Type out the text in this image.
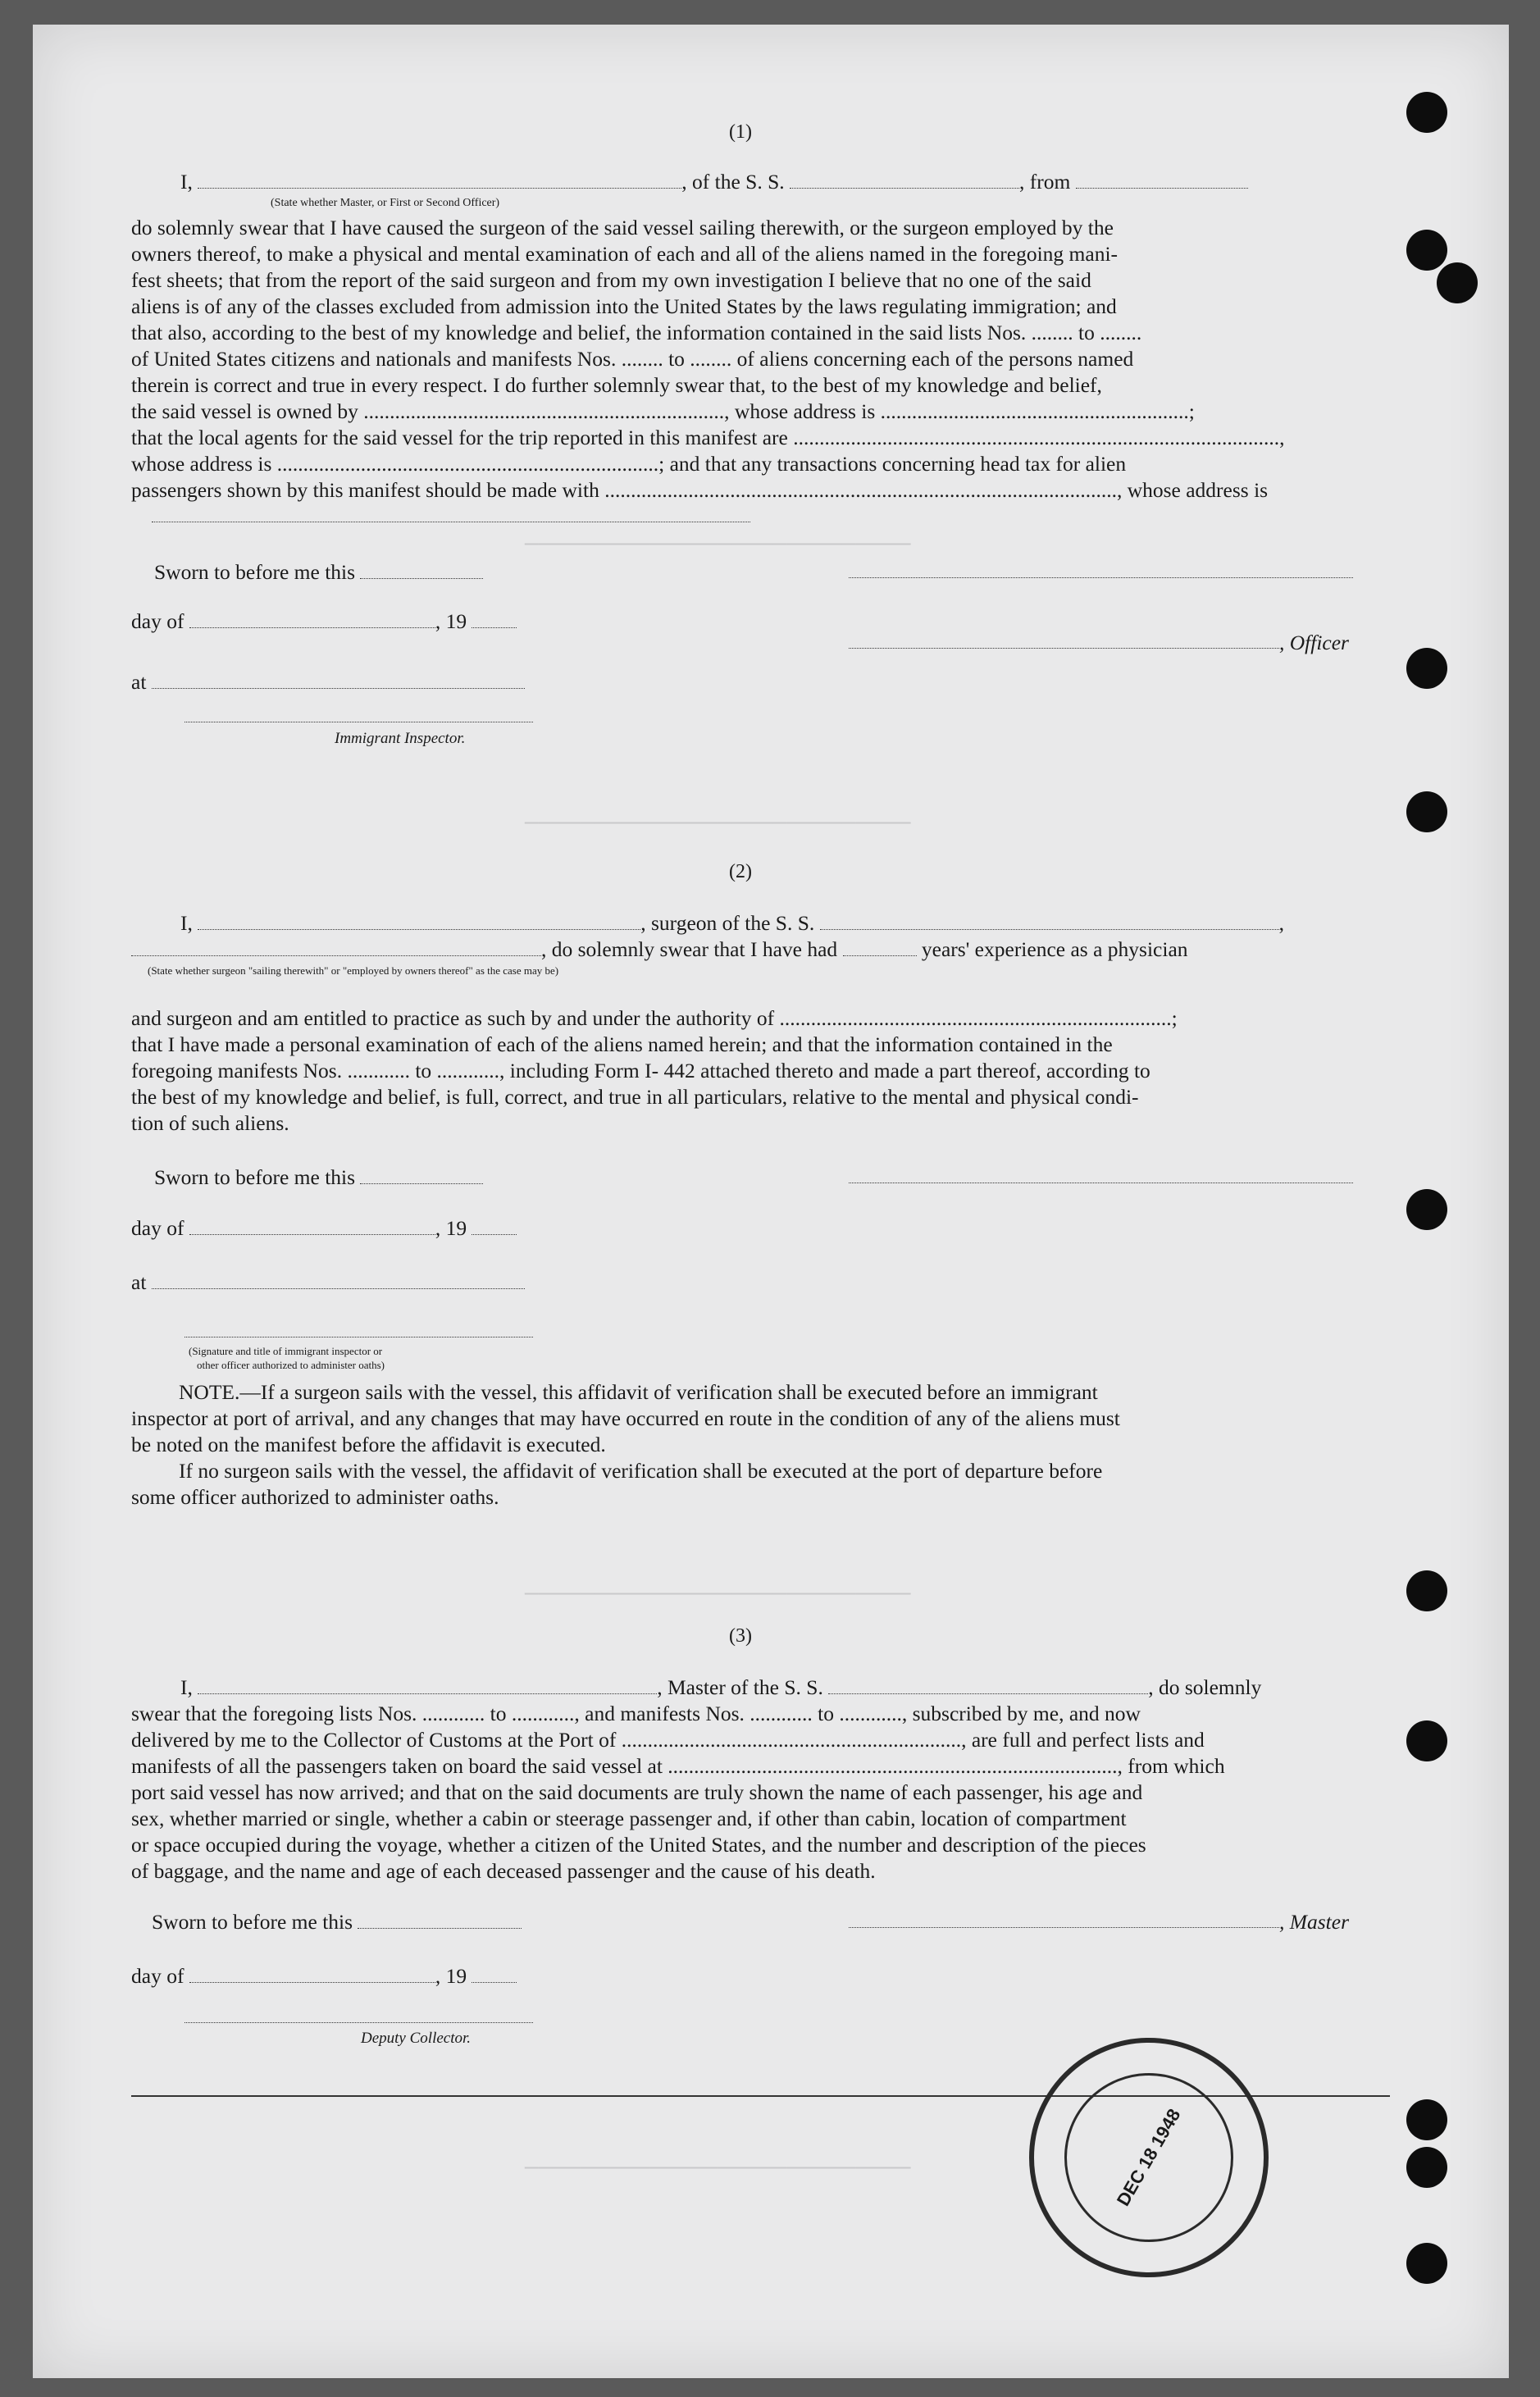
────────────────────────────
────────────────────────────
────────────────────────────
────────────────────────────
(1)
I,	, of the S. S.	, from
(State whether Master, or First or Second Officer)
do solemnly swear that I have caused the surgeon of the said vessel sailing therewith, or the surgeon employed by the
owners thereof, to make a physical and mental examination of each and all of the aliens named in the foregoing mani-
fest sheets; that from the report of the said surgeon and from my own investigation I believe that no one of the said
aliens is of any of the classes excluded from admission into the United States by the laws regulating immigration; and
that also, according to the best of my knowledge and belief, the information contained in the said lists Nos. ........ to ........
of United States citizens and nationals and manifests Nos. ........ to ........ of aliens concerning each of the persons named
therein is correct and true in every respect. I do further solemnly swear that, to the best of my knowledge and belief,
the said vessel is owned by ....................................................................., whose address is ...........................................................;
that the local agents for the said vessel for the trip reported in this manifest are .............................................................................................,
whose address is .........................................................................; and that any transactions concerning head tax for alien
passengers shown by this manifest should be made with .................................................................................................., whose address is
Sworn to before me this
day of	, 19
, Officer
at
Immigrant Inspector.
(2)
I,	, surgeon of the S. S.	,
, do solemnly swear that I have had	years' experience as a physician
(State whether surgeon "sailing therewith" or "employed by owners thereof" as the case may be)
and surgeon and am entitled to practice as such by and under the authority of ...........................................................................;
that I have made a personal examination of each of the aliens named herein; and that the information contained in the
foregoing manifests Nos. ............ to ............, including Form I- 442 attached thereto and made a part thereof, according to
the best of my knowledge and belief, is full, correct, and true in all particulars, relative to the mental and physical condi-
tion of such aliens.
Sworn to before me this
day of	, 19
at
(Signature and title of immigrant inspector or
other officer authorized to administer oaths)
NOTE.—If a surgeon sails with the vessel, this affidavit of verification shall be executed before an immigrant
inspector at port of arrival, and any changes that may have occurred en route in the condition of any of the aliens must
be noted on the manifest before the affidavit is executed.
If no surgeon sails with the vessel, the affidavit of verification shall be executed at the port of departure before
some officer authorized to administer oaths.
(3)
I,	, Master of the S. S.	, do solemnly
swear that the foregoing lists Nos. ............ to ............, and manifests Nos. ............ to ............, subscribed by me, and now
delivered by me to the Collector of Customs at the Port of ................................................................., are full and perfect lists and
manifests of all the passengers taken on board the said vessel at ......................................................................................, from which
port said vessel has now arrived; and that on the said documents are truly shown the name of each passenger, his age and
sex, whether married or single, whether a cabin or steerage passenger and, if other than cabin, location of compartment
or space occupied during the voyage, whether a citizen of the United States, and the number and description of the pieces
of baggage, and the name and age of each deceased passenger and the cause of his death.
Sworn to before me this	, Master
day of	, 19
Deputy Collector.
DEC 18 1948
